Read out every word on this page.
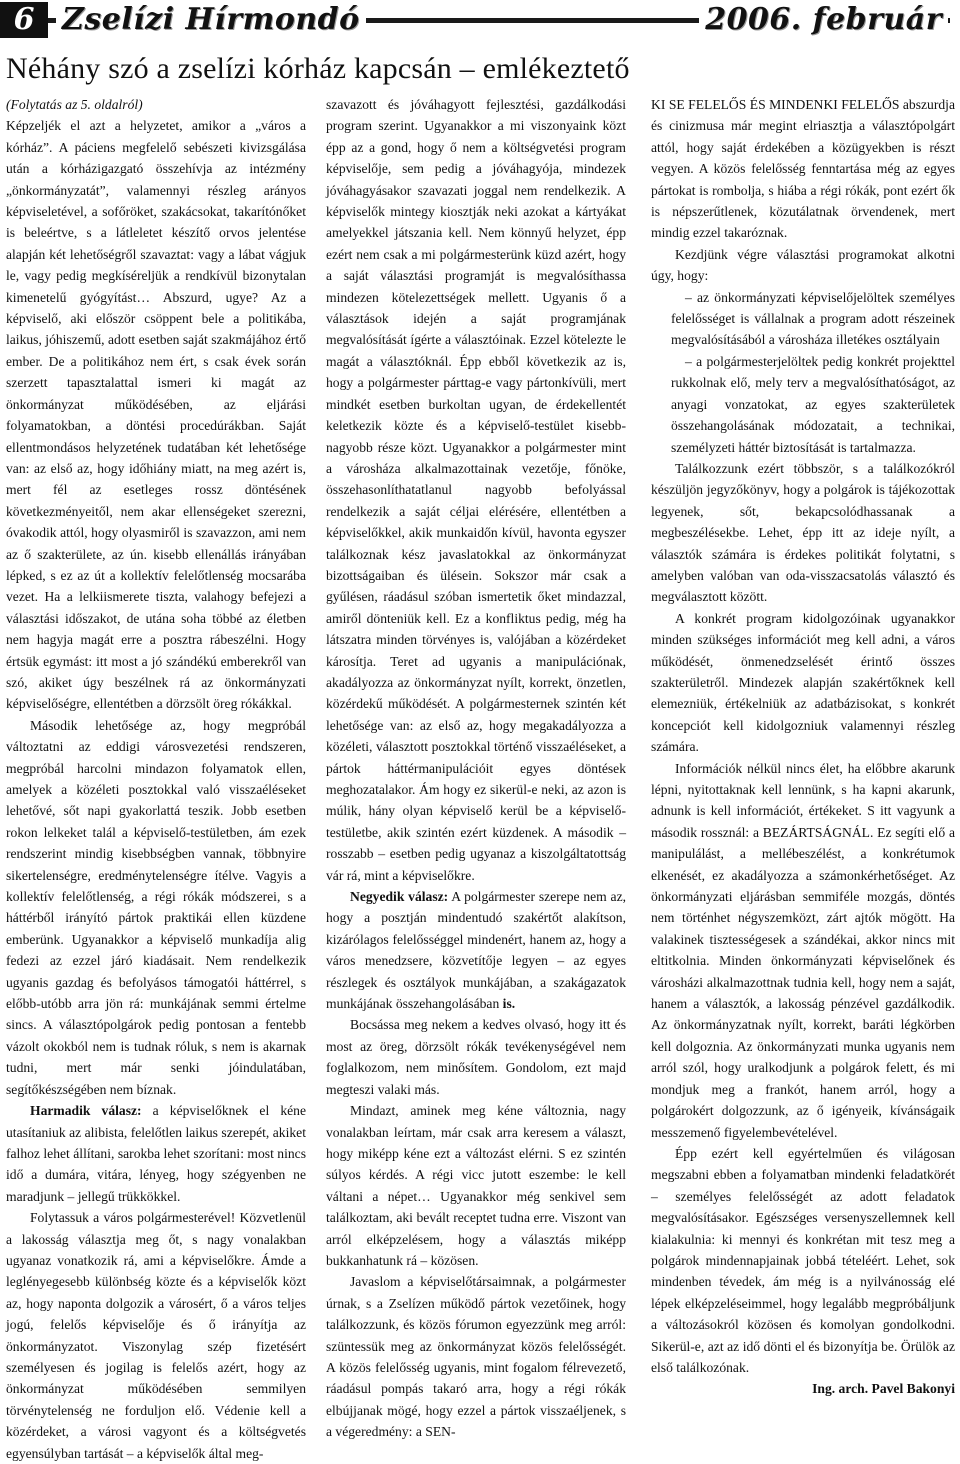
6 Zselízi Hírmondó	2006. február
Néhány szó a zselízi kórház kapcsán – emlékeztető

(Folytatás az 5. oldalról)

Képzeljék el azt a helyzetet, amikor a „város a kórház”. A páciens megfelelő sebészeti kivizsgálása után a kórházigazgató összehívja az intézmény „önkormányzatát”, valamennyi részleg arányos képviseletével, a sofőröket, szakácsokat, takarítónőket is beleértve, s a látleletet készítő orvos jelentése alapján két lehetőségről szavaztat: vagy a lábat vágjuk le, vagy pedig megkíséreljük a rendkívül bizonytalan kimenetelű gyógyítást… Abszurd, ugye? Az a képviselő, aki először csöppent bele a politikába, laikus, jóhiszemű, adott esetben saját szakmájához értő ember. De a politikához nem ért, s csak évek során szerzett tapasztalattal ismeri ki magát az önkormányzat működésében, az eljárási folyamatokban, a döntési procedúrákban. Saját ellentmondásos helyzetének tudatában két lehetősége van: az első az, hogy időhiány miatt, na meg azért is, mert fél az esetleges rossz döntésének következményeitől, nem akar ellenségeket szerezni, óvakodik attól, hogy olyasmiről is szavazzon, ami nem az ő szakterülete, az ún. kisebb ellenállás irányában lépked, s ez az út a kollektív felelőtlenség mocsarába vezet. Ha a lelkiismerete tiszta, valahogy befejezi a választási időszakot, de utána soha többé az életben nem hagyja magát erre a posztra rábeszélni. Hogy értsük egymást: itt most a jó szándékú emberekről van szó, akiket úgy beszélnek rá az önkormányzati képviselőségre, ellentétben a dörzsölt öreg rókákkal.

Második lehetősége az, hogy megpróbál változtatni az eddigi városvezetési rendszeren, megpróbál harcolni mindazon folyamatok ellen, amelyek a közéleti posztokkal való visszaéléseket lehetővé, sőt napi gyakorlattá teszik. Jobb esetben rokon lelkeket talál a képviselő-testületben, ám ezek rendszerint mindig kisebbségben vannak, többnyire sikertelenségre, eredménytelenségre ítélve. Vagyis a kollektív felelőtlenség, a régi rókák módszerei, s a háttérből irányító pártok praktikái ellen küzdene emberünk. Ugyanakkor a képviselő munkadíja alig fedezi az ezzel járó kiadásait. Nem rendelkezik ugyanis gazdag és befolyásos támogatói háttérrel, s előbb-utóbb arra jön rá: munkájának semmi értelme sincs. A választópolgárok pedig pontosan a fentebb vázolt okokból nem is tudnak róluk, s nem is akarnak tudni, mert már senki jóindulatában, segítőkészségében nem bíznak.

Harmadik válasz: a képviselőknek el kéne utasítaniuk az alibista, felelőtlen laikus szerepét, akiket falhoz lehet állítani, sarokba lehet szorítani: most nincs idő a dumára, vitára, lényeg, hogy szégyenben ne maradjunk – jellegű trükkökkel.

Folytassuk a város polgármesterével! Közvetlenül a lakosság választja meg őt, s nagy vonalakban ugyanaz vonatkozik rá, ami a képviselőkre. Ámde a leglényegesebb különbség közte és a képviselők közt az, hogy naponta dolgozik a városért, ő a város teljes jogú, felelős képviselője és ő irányítja az önkormányzatot. Viszonylag szép fizetésért személyesen és jogilag is felelős azért, hogy az önkormányzat működésében semmilyen törvénytelenség ne forduljon elő. Védenie kell a közérdeket, a városi vagyont és a költségvetés egyensúlyban tartását – a képviselők által meg-

szavazott és jóváhagyott fejlesztési, gazdálkodási program szerint. Ugyanakkor a mi viszonyaink közt épp az a gond, hogy ő nem a költségvetési program képviselője, sem pedig a jóváhagyója, mindezek jóváhagyásakor szavazati joggal nem rendelkezik. A képviselők mintegy kiosztják neki azokat a kártyákat amelyekkel játszania kell. Nem könnyű helyzet, épp ezért nem csak a mi polgármesterünk küzd azért, hogy a saját választási programját is megvalósíthassa mindezen kötelezettségek mellett. Ugyanis ő a választások idején a saját programjának megvalósítását ígérte a választóinak. Ezzel kötelezte le magát a választóknál. Épp ebből következik az is, hogy a polgármester párttag-e vagy pártonkívüli, mert mindkét esetben burkoltan ugyan, de érdekellentét keletkezik közte és a képviselő-testület kisebb-nagyobb része közt. Ugyanakkor a polgármester mint a városháza alkalmazottainak vezetője, főnöke, összehasonlíthatatlanul nagyobb befolyással rendelkezik a saját céljai elérésére, ellentétben a képviselőkkel, akik munkaidőn kívül, havonta egyszer találkoznak kész javaslatokkal az önkormányzat bizottságaiban és ülésein. Sokszor már csak a gyűlésen, ráadásul szóban ismertetik őket mindazzal, amiről dönteniük kell. Ez a konfliktus pedig, még ha látszatra minden törvényes is, valójában a közérdeket károsítja. Teret ad ugyanis a manipulációnak, akadályozza az önkormányzat nyílt, korrekt, önzetlen, közérdekű működését. A polgármesternek szintén két lehetősége van: az első az, hogy megakadályozza a közéleti, választott posztokkal történő visszaéléseket, a pártok háttérmanipulációit egyes döntések meghozatalakor. Ám hogy ez sikerül-e neki, az azon is múlik, hány olyan képviselő kerül be a képviselő-testületbe, akik szintén ezért küzdenek. A második – rosszabb – esetben pedig ugyanaz a kiszolgáltatottság vár rá, mint a képviselőkre.

Negyedik válasz: A polgármester szerepe nem az, hogy a posztján mindentudó szakértőt alakítson, kizárólagos felelősséggel mindenért, hanem az, hogy a város menedzsere, közvetítője legyen – az egyes részlegek és osztályok munkájában, a szakágazatok munkájának összehangolásában is.

Bocsássa meg nekem a kedves olvasó, hogy itt és most az öreg, dörzsölt rókák tevékenységével nem foglalkozom, nem minősítem. Gondolom, ezt majd megteszi valaki más.

Mindazt, aminek meg kéne változnia, nagy vonalakban leírtam, már csak arra keresem a választ, hogy miképp kéne ezt a változást elérni. S ez szintén súlyos kérdés. A régi vicc jutott eszembe: le kell váltani a népet… Ugyanakkor még senkivel sem találkoztam, aki bevált receptet tudna erre. Viszont van arról elképzelésem, hogy a választás miképp bukkanhatunk rá – közösen.

Javaslom a képviselőtársaimnak, a polgármester úrnak, s a Zselízen működő pártok vezetőinek, hogy találkozzunk, és közös fórumon egyezzünk meg arról: szüntessük meg az önkormányzat közös felelősségét. A közös felelősség ugyanis, mint fogalom félrevezető, ráadásul pompás takaró arra, hogy a régi rókák elbújjanak mögé, hogy ezzel a pártok visszaéljenek, s a végeredmény: a SEN-

KI SE FELELŐS ÉS MINDENKI FELELŐS abszurdja és cinizmusa már megint elriasztja a választópolgárt attól, hogy saját érdekében a közügyekben is részt vegyen. A közös felelősség fenntartása még az egyes pártokat is rombolja, s hiába a régi rókák, pont ezért ők is népszerűtlenek, közutálatnak örvendenek, mert mindig ezzel takaróznak.

Kezdjünk végre választási programokat alkotni úgy, hogy:

– az önkormányzati képviselőjelöltek személyes felelősséget is vállalnak a program adott részeinek megvalósításából a városháza illetékes osztályain

– a polgármesterjelöltek pedig konkrét projekttel rukkolnak elő, mely terv a megvalósíthatóságot, az anyagi vonzatokat, az egyes szakterületek összehangolásának módozatait, a technikai, személyzeti háttér biztosítását is tartalmazza.

Találkozzunk ezért többször, s a találkozókról készüljön jegyzőkönyv, hogy a polgárok is tájékozottak legyenek, sőt, bekapcsolódhassanak a megbeszélésekbe. Lehet, épp itt az ideje nyílt, a választók számára is érdekes politikát folytatni, s amelyben valóban van oda-visszacsatolás választó és megválasztott között.

A konkrét program kidolgozóinak ugyanakkor minden szükséges információt meg kell adni, a város működését, önmenedzselését érintő összes szakterületről. Mindezek alapján szakértőknek kell elemezniük, értékelniük az adatbázisokat, s konkrét koncepciót kell kidolgozniuk valamennyi részleg számára.

Információk nélkül nincs élet, ha előbbre akarunk lépni, nyitottaknak kell lennünk, s ha kapni akarunk, adnunk is kell információt, értékeket. S itt vagyunk a második rossznál: a BEZÁRTSÁGNÁL. Ez segíti elő a manipulálást, a mellébeszélést, a konkrétumok elkenését, ez akadályozza a számonkérhetőséget. Az önkormányzati eljárásban semmiféle mozgás, döntés nem történhet négyszemközt, zárt ajtók mögött. Ha valakinek tisztességesek a szándékai, akkor nincs mit eltitkolnia. Minden önkormányzati képviselőnek és városházi alkalmazottnak tudnia kell, hogy nem a saját, hanem a választók, a lakosság pénzével gazdálkodik. Az önkormányzatnak nyílt, korrekt, baráti légkörben kell dolgoznia. Az önkormányzati munka ugyanis nem arról szól, hogy uralkodjunk a polgárok felett, és mi mondjuk meg a frankót, hanem arról, hogy a polgárokért dolgozzunk, az ő igényeik, kívánságaik messzemenő figyelembevételével.

Épp ezért kell egyértelműen és világosan megszabni ebben a folyamatban mindenki feladatkörét – személyes felelősségét az adott feladatok megvalósításakor. Egészséges versenyszellemnek kell kialakulnia: ki mennyi és konkrétan mit tesz meg a polgárok mindennapjainak jobbá tételéért. Lehet, sok mindenben tévedek, ám még is a nyilvánosság elé lépek elképzeléseimmel, hogy legalább megpróbáljunk a változásokról közösen és komolyan gondolkodni. Sikerül-e, azt az idő dönti el és bizonyítja be. Örülök az első találkozónak.

Ing. arch. Pavel Bakonyi
